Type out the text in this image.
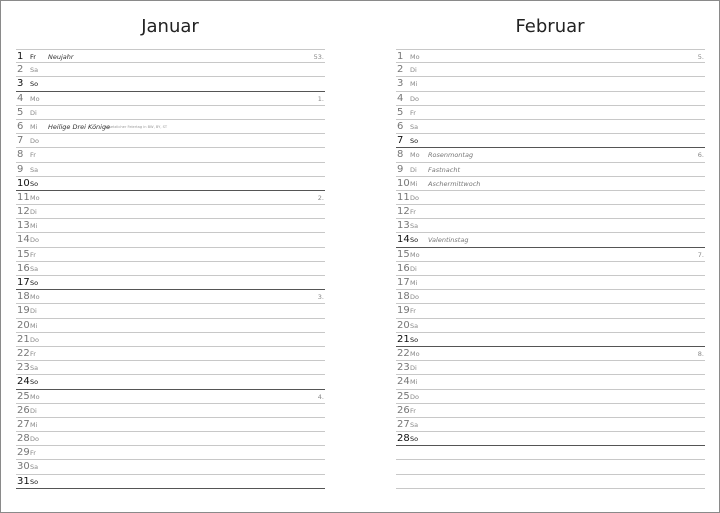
Januar	Februar
1 Fr Neujahr	53.
2 Sa
3 So
4 Mo	1.
5 Di
6 Mi Heilige Drei Könige
Gesetzlicher Feiertag in BW, BY, ST
7 Do
8 Fr
9 Sa
10 So
11 Mo	2.
12 Di
13 Mi
14 Do
15 Fr
16 Sa
17 So
18 Mo	3.
19 Di
20 Mi
21 Do
22 Fr
23 Sa
24 So
25 Mo	4.
26 Di
27 Mi
28 Do
29 Fr
30 Sa
31 So
1 Mo	5.
2 Di
3 Mi
4 Do
5 Fr
6 Sa
7 So
8 Mo Rosenmontag	6.
9 Di Fastnacht
10 Mi Aschermittwoch
11 Do
12 Fr
13 Sa
14 So Valentinstag
15 Mo	7.
16 Di
17 Mi
18 Do
19 Fr
20 Sa
21 So
22 Mo	8.
23 Di
24 Mi
25 Do
26 Fr
27 Sa
28 So
